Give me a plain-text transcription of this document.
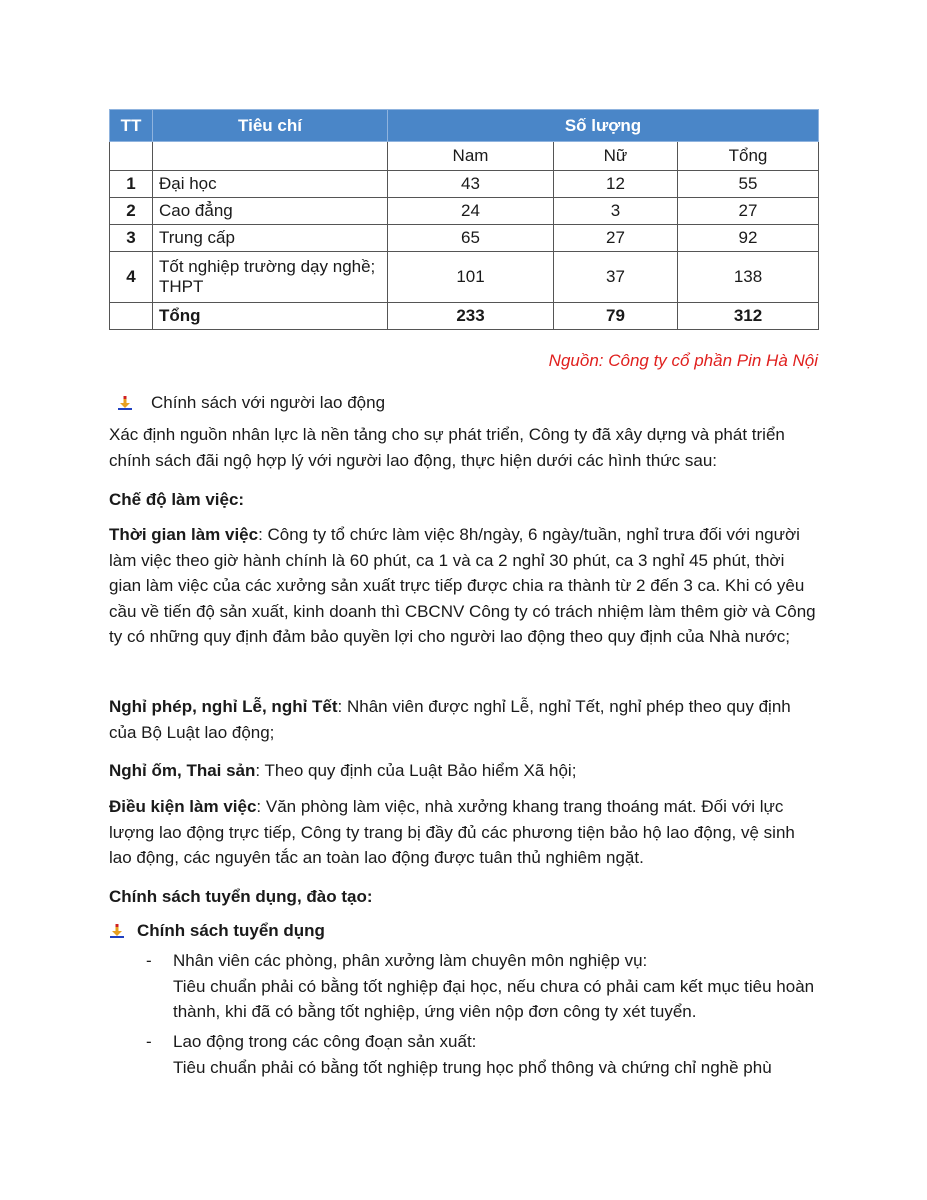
TT	Tiêu chí	Số lượng		
		Nam	Nữ	Tổng
1	Đại học	43	12	55
2	Cao đẳng	24	3	27
3	Trung cấp	65	27	92
4	Tốt nghiệp trường dạy nghề; THPT	101	37	138
	Tổng	233	79	312
Nguồn: Công ty cổ phần Pin Hà Nội
Chính sách với người lao động
Xác định nguồn nhân lực là nền tảng cho sự phát triển, Công ty đã xây dựng và phát triển chính sách đãi ngộ hợp lý với người lao động, thực hiện dưới các hình thức sau:
Chế độ làm việc:
Thời gian làm việc: Công ty tổ chức làm việc 8h/ngày, 6 ngày/tuần, nghỉ trưa đối với người làm việc theo giờ hành chính là 60 phút, ca 1 và ca 2 nghỉ 30 phút, ca 3 nghỉ 45 phút, thời gian làm việc của các xưởng sản xuất trực tiếp được chia ra thành từ 2 đến 3 ca. Khi có yêu cầu về tiến độ sản xuất, kinh doanh thì CBCNV Công ty có trách nhiệm làm thêm giờ và Công ty có những quy định đảm bảo quyền lợi cho người lao động theo quy định của Nhà nước;
Nghỉ phép, nghỉ Lễ, nghỉ Tết: Nhân viên được nghỉ Lễ, nghỉ Tết, nghỉ phép theo quy định của Bộ Luật lao động;
Nghỉ ốm, Thai sản: Theo quy định của Luật Bảo hiểm Xã hội;
Điều kiện làm việc: Văn phòng làm việc, nhà xưởng khang trang thoáng mát. Đối với lực lượng lao động trực tiếp, Công ty trang bị đầy đủ các phương tiện bảo hộ lao động, vệ sinh lao động, các nguyên tắc an toàn lao động được tuân thủ nghiêm ngặt.
Chính sách tuyển dụng, đào tạo:
Chính sách tuyển dụng
- Nhân viên các phòng, phân xưởng làm chuyên môn nghiệp vụ:
Tiêu chuẩn phải có bằng tốt nghiệp đại học, nếu chưa có phải cam kết mục tiêu hoàn thành, khi đã có bằng tốt nghiệp, ứng viên nộp đơn công ty xét tuyển.
- Lao động trong các công đoạn sản xuất:
Tiêu chuẩn phải có bằng tốt nghiệp trung học phổ thông và chứng chỉ nghề phù
